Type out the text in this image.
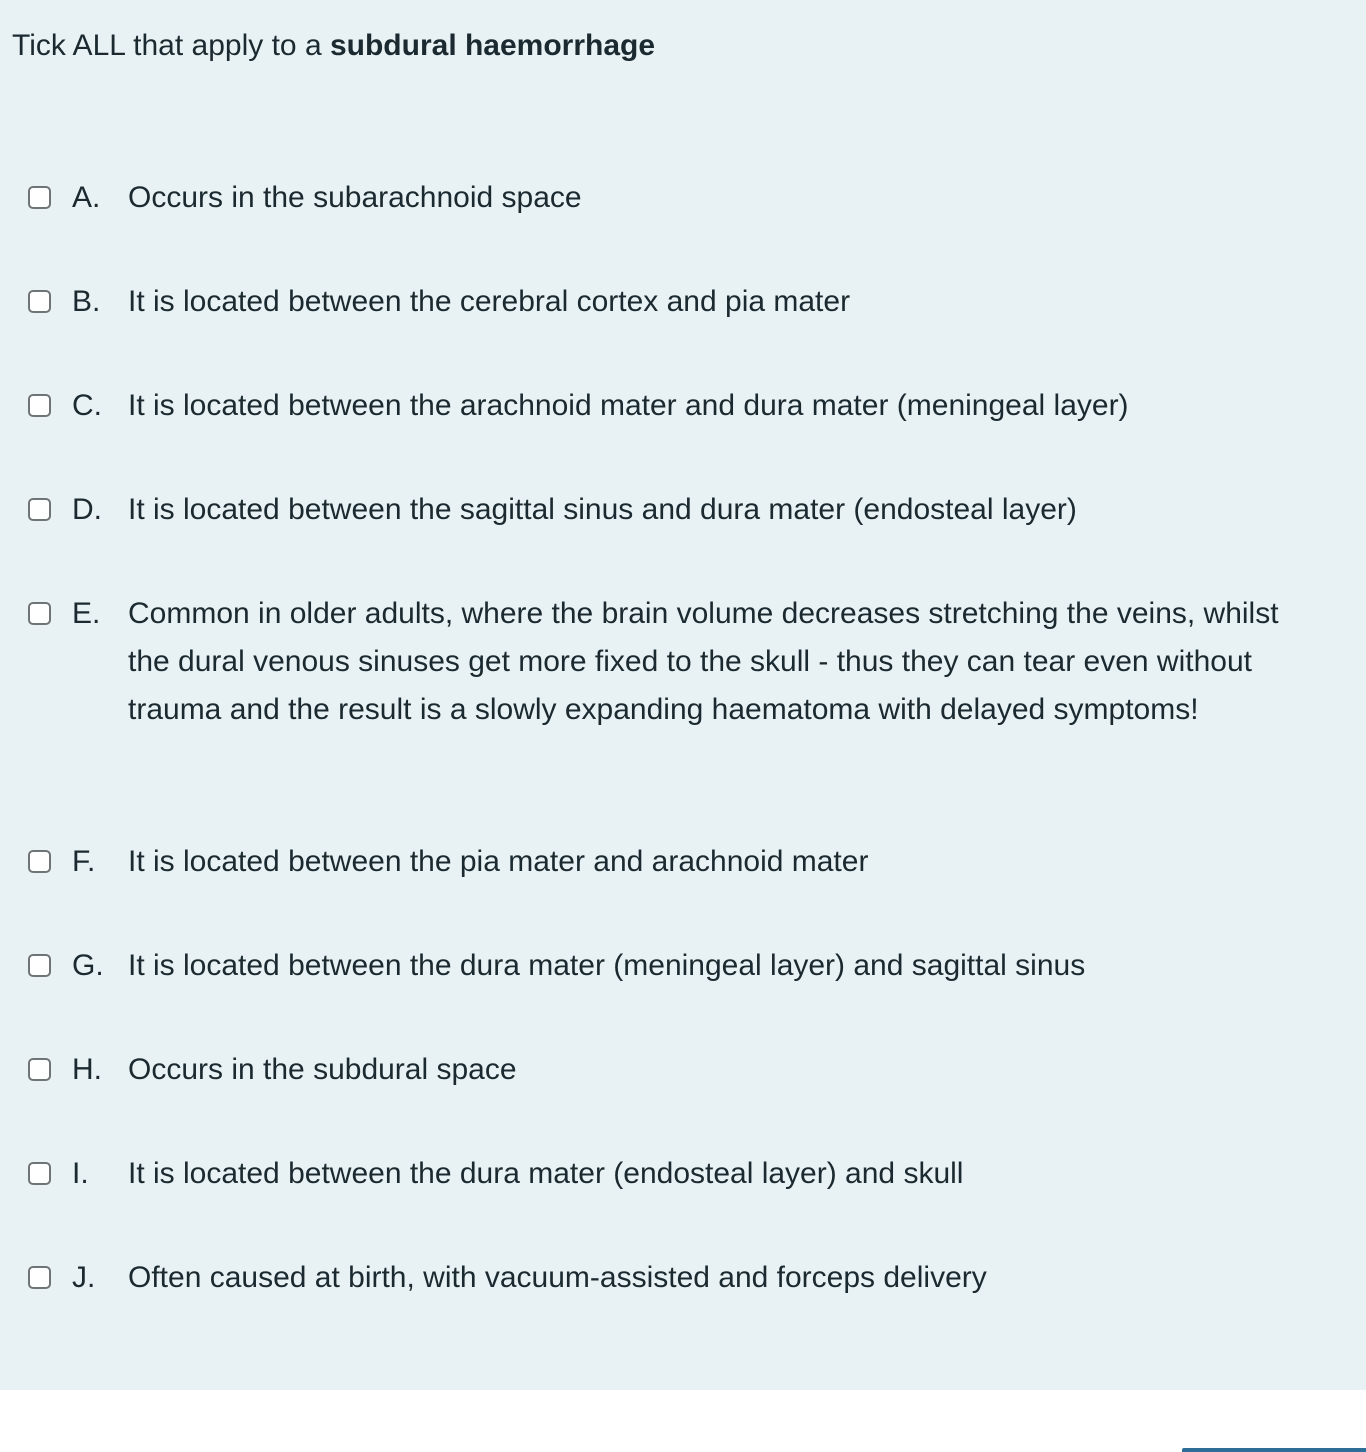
Tick ALL that apply to a subdural haemorrhage
A. Occurs in the subarachnoid space
B. It is located between the cerebral cortex and pia mater
C. It is located between the arachnoid mater and dura mater (meningeal layer)
D. It is located between the sagittal sinus and dura mater (endosteal layer)
E. Common in older adults, where the brain volume decreases stretching the veins, whilst the dural venous sinuses get more fixed to the skull - thus they can tear even without trauma and the result is a slowly expanding haematoma with delayed symptoms!
F. It is located between the pia mater and arachnoid mater
G. It is located between the dura mater (meningeal layer) and sagittal sinus
H. Occurs in the subdural space
I. It is located between the dura mater (endosteal layer) and skull
J. Often caused at birth, with vacuum-assisted and forceps delivery
